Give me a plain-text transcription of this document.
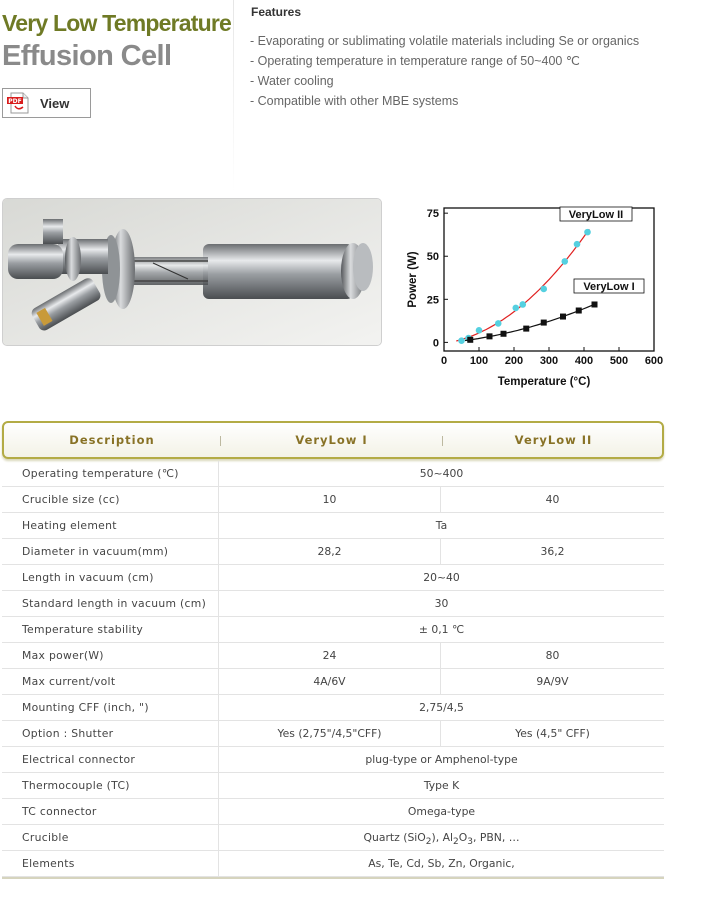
Very Low Temperature
Effusion Cell
PDF View
Features
- Evaporating or sublimating volatile materials including Se or organics
- Operating temperature in temperature range of 50~400 ℃
- Water cooling
- Compatible with other MBE systems
0 100 200 300 400 500 600
0
25
50
75
Temperature (°C)
Power (W)
VeryLow II
VeryLow I
Description	VeryLow I	VeryLow II
Operating temperature (℃)	50~400
Crucible size (cc)	10	40
Heating element	Ta
Diameter in vacuum(mm)	28,2	36,2
Length in vacuum (cm)	20~40
Standard length in vacuum (cm)	30
Temperature stability	± 0,1 ℃
Max power(W)	24	80
Max current/volt	4A/6V	9A/9V
Mounting CFF (inch, ")	2,75/4,5
Option : Shutter	Yes (2,75"/4,5"CFF)	Yes (4,5" CFF)
Electrical connector	plug-type or Amphenol-type
Thermocouple (TC)	Type K
TC connector	Omega-type
Crucible	Quartz (SiO$_2$), $Al_2O_3$, PBN, …
Elements	As, Te, Cd, Sb, Zn, Organic,
